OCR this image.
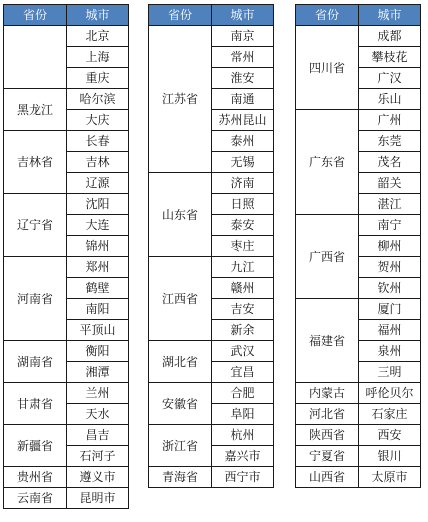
省份	城市
	北京
	上海
	重庆
黑龙江	哈尔滨
	大庆
吉林省	长春
	吉林
	辽源
辽宁省	沈阳
	大连
	锦州
河南省	郑州
	鹤壁
	南阳
	平顶山
湖南省	衡阳
	湘潭
甘肃省	兰州
	天水
新疆省	昌吉
	石河子
贵州省	遵义市
云南省	昆明市
省份	城市
江苏省	南京
	常州
	淮安
	南通
	苏州昆山
	泰州
	无锡
山东省	济南
	日照
	泰安
	枣庄
江西省	九江
	赣州
	吉安
	新余
湖北省	武汉
	宜昌
安徽省	合肥
	阜阳
浙江省	杭州
	嘉兴市
青海省	西宁市
省份	城市
四川省	成都
	攀枝花
	广汉
	乐山
广东省	广州
	东莞
	茂名
	韶关
	湛江
广西省	南宁
	柳州
	贺州
	钦州
福建省	厦门
	福州
	泉州
	三明
内蒙古	呼伦贝尔
河北省	石家庄
陕西省	西安
宁夏省	银川
山西省	太原市
